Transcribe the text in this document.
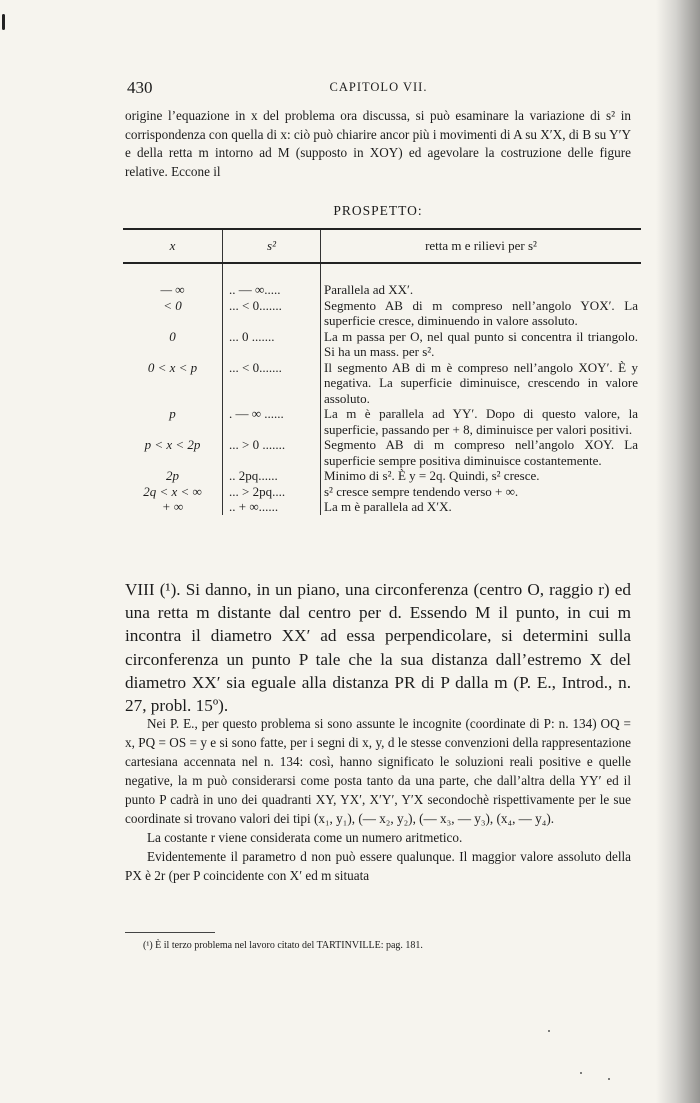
430	CAPITOLO VII.
origine l’equazione in x del problema ora discussa, si può esaminare la variazione di s² in corrispondenza con quella di x: ciò può chiarire ancor più i movimenti di A su X′X, di B su Y′Y e della retta m intorno ad M (supposto in XOY) ed agevolare la costruzione delle figure relative. Eccone il
PROSPETTO:
x	s²	retta m e rilievi per s²
— ∞	.. — ∞.....	Parallela ad XX′.
< 0	... < 0.......	Segmento AB di m compreso nell’angolo YOX′. La superficie cresce, diminuendo in valore assoluto.
0	... 0 .......	La m passa per O, nel qual punto si concentra il triangolo. Si ha un mass. per s².
0 < x < p	... < 0.......	Il segmento AB di m è compreso nell’angolo XOY′. È y negativa. La superficie diminuisce, crescendo in valore assoluto.
p	. — ∞ ......	La m è parallela ad YY′. Dopo di questo valore, la superficie, passando per + 8, diminuisce per valori positivi.
p < x < 2p	... > 0 .......	Segmento AB di m compreso nell’angolo XOY. La superficie sempre positiva diminuisce costantemente.
2p	.. 2pq......	Minimo di s². È y = 2q. Quindi, s² cresce.
2q < x < ∞	... > 2pq....	s² cresce sempre tendendo verso + ∞.
+ ∞	.. + ∞......	La m è parallela ad X′X.
VIII (¹). Si danno, in un piano, una circonferenza (centro O, raggio r) ed una retta m distante dal centro per d. Essendo M il punto, in cui m incontra il diametro XX′ ad essa perpendicolare, si determini sulla circonferenza un punto P tale che la sua distanza dall’estremo X del diametro XX′ sia eguale alla distanza PR di P dalla m (P. E., Introd., n. 27, probl. 15º).

Nei P. E., per questo problema si sono assunte le incognite (coordinate di P: n. 134) OQ = x, PQ = OS = y e si sono fatte, per i segni di x, y, d le stesse convenzioni della rappresentazione cartesiana accennata nel n. 134: così, hanno significato le soluzioni reali positive e quelle negative, la m può considerarsi come posta tanto da una parte, che dall’altra della YY′ ed il punto P cadrà in uno dei quadranti XY, YX′, X′Y′, Y′X secondochè rispettivamente per le sue coordinate si trovano valori dei tipi (x₁, y₁), (— x₂, y₂), (— x₃, — y₃), (x₄, — y₄).

La costante r viene considerata come un numero aritmetico.

Evidentemente il parametro d non può essere qualunque. Il maggior valore assoluto della PX è 2r (per P coincidente con X′ ed m situata

(¹) È il terzo problema nel lavoro citato del TARTINVILLE: pag. 181.
